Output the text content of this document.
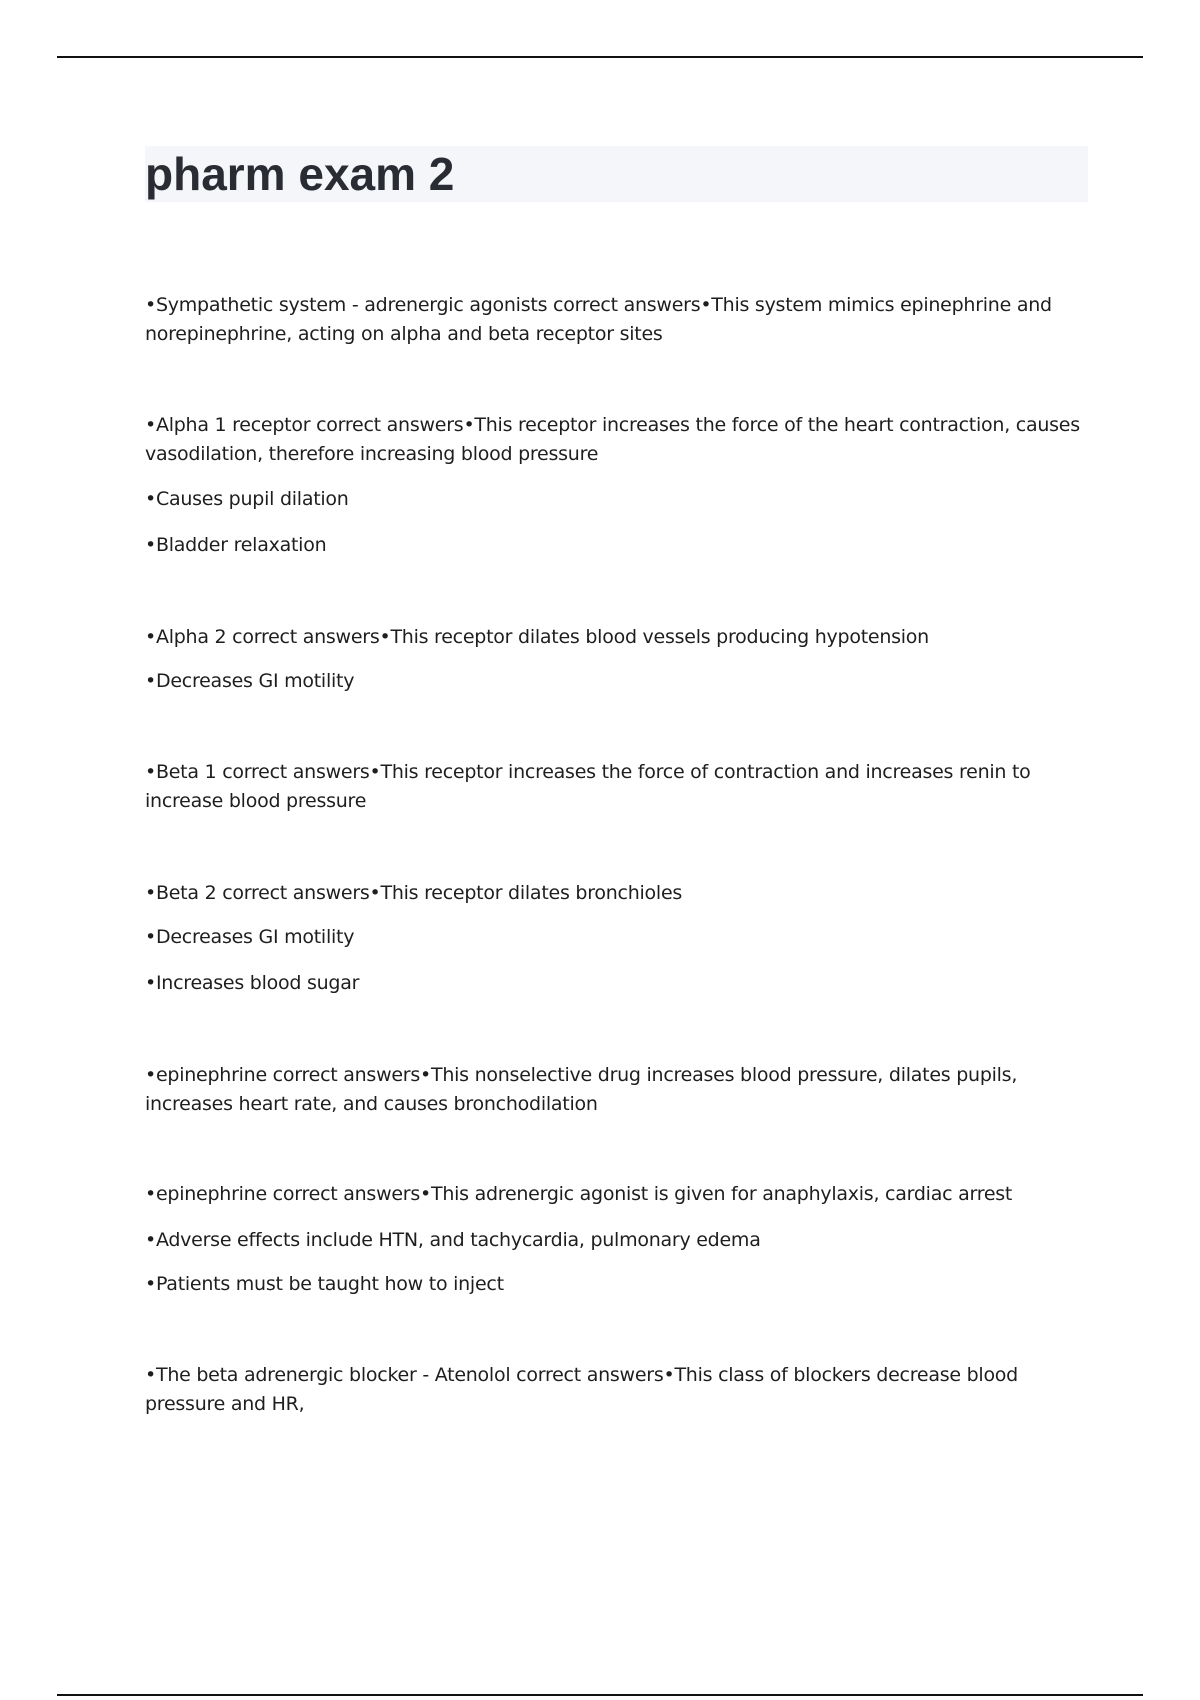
pharm exam 2

•Sympathetic system - adrenergic agonists correct answers•This system mimics epinephrine and norepinephrine, acting on alpha and beta receptor sites

•Alpha 1 receptor correct answers•This receptor increases the force of the heart contraction, causes vasodilation, therefore increasing blood pressure

•Causes pupil dilation

•Bladder relaxation

•Alpha 2 correct answers•This receptor dilates blood vessels producing hypotension

•Decreases GI motility

•Beta 1 correct answers•This receptor increases the force of contraction and increases renin to increase blood pressure

•Beta 2 correct answers•This receptor dilates bronchioles

•Decreases GI motility

•Increases blood sugar

•epinephrine correct answers•This nonselective drug increases blood pressure, dilates pupils, increases heart rate, and causes bronchodilation

•epinephrine correct answers•This adrenergic agonist is given for anaphylaxis, cardiac arrest

•Adverse effects include HTN, and tachycardia, pulmonary edema

•Patients must be taught how to inject

•The beta adrenergic blocker - Atenolol correct answers•This class of blockers decrease blood pressure and HR,
